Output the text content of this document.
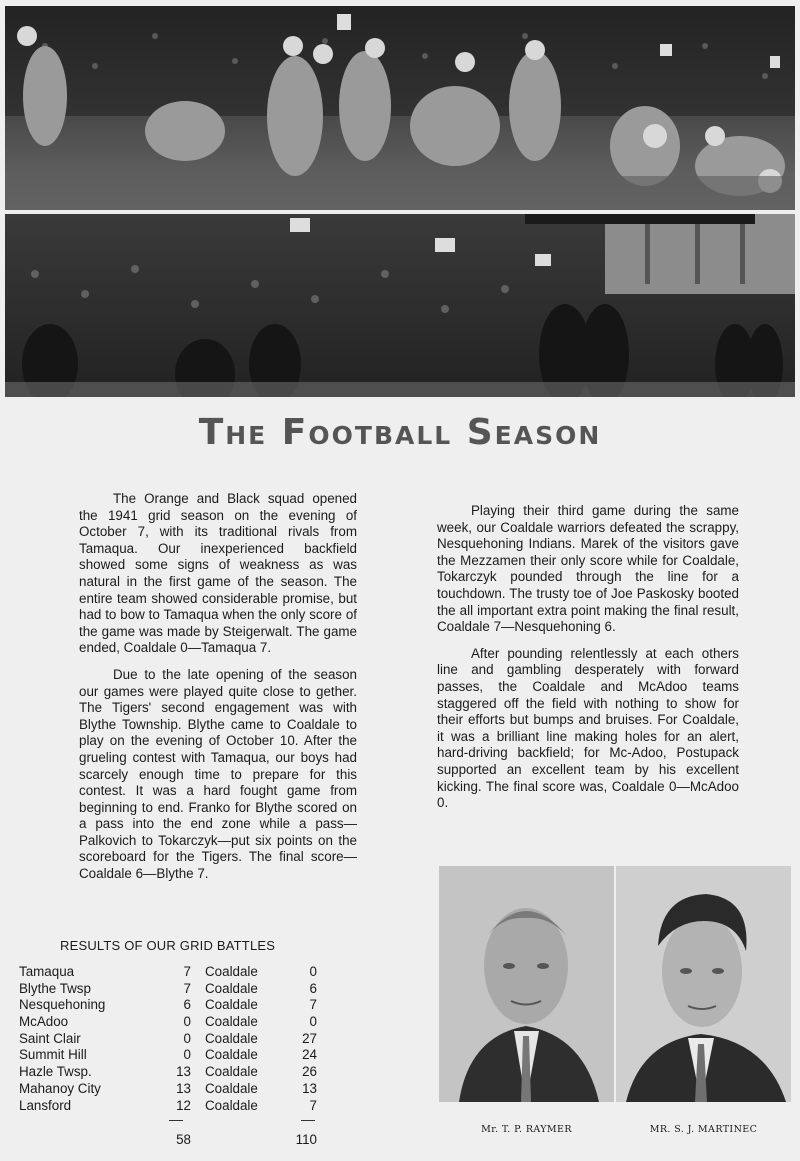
The Football Season

The Orange and Black squad opened the 1941 grid season on the evening of October 7, with its traditional rivals from Tamaqua. Our inexperienced backfield showed some signs of weakness as was natural in the first game of the season. The entire team showed considerable promise, but had to bow to Tamaqua when the only score of the game was made by Steigerwalt. The game ended, Coaldale 0—Tamaqua 7.

Due to the late opening of the season our games were played quite close to gether. The Tigers' second engagement was with Blythe Township. Blythe came to Coaldale to play on the evening of October 10. After the grueling contest with Tamaqua, our boys had scarcely enough time to prepare for this contest. It was a hard fought game from beginning to end. Franko for Blythe scored on a pass into the end zone while a pass—Palkovich to Tokarczyk—put six points on the scoreboard for the Tigers. The final score—Coaldale 6—Blythe 7.

Playing their third game during the same week, our Coaldale warriors defeated the scrappy, Nesquehoning Indians. Marek of the visitors gave the Mezzamen their only score while for Coaldale, Tokarczyk pounded through the line for a touchdown. The trusty toe of Joe Paskosky booted the all important extra point making the final result, Coaldale 7—Nesquehoning 6.

After pounding relentlessly at each others line and gambling desperately with forward passes, the Coaldale and McAdoo teams staggered off the field with nothing to show for their efforts but bumps and bruises. For Coaldale, it was a brilliant line making holes for an alert, hard-driving backfield; for Mc-Adoo, Postupack supported an excellent team by his excellent kicking. The final score was, Coaldale 0—McAdoo 0.

RESULTS OF OUR GRID BATTLES
Tamaqua	7 Coaldale	0
Blythe Twsp	7 Coaldale	6
Nesquehoning	6 Coaldale	7
McAdoo	0 Coaldale	0
Saint Clair	0 Coaldale	27
Summit Hill	0 Coaldale	24
Hazle Twsp.	13 Coaldale	26
Mahanoy City	13 Coaldale	13
Lansford	12 Coaldale	7
58	110
Mr. T. P. RAYMER	MR. S. J. MARTINEC
